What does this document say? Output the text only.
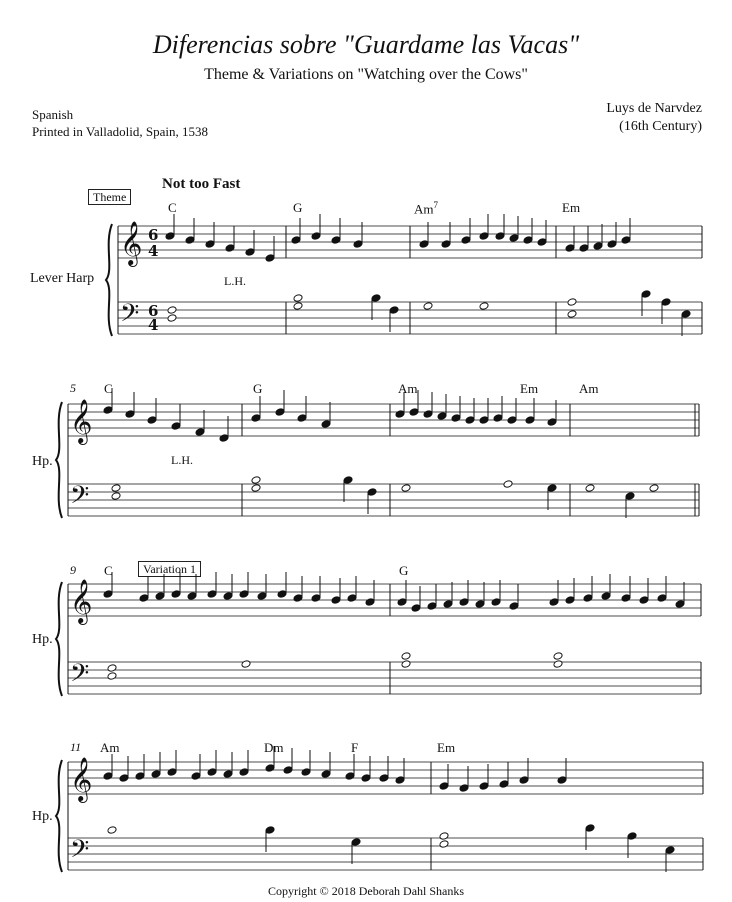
Diferencias sobre "Guardame las Vacas"
Theme & Variations on "Watching over the Cows"
Spanish
Printed in Valladolid, Spain, 1538
Luys de Narvdez
(16th Century)
Not too Fast
Theme
Variation 1
Lever Harp
Hp.
Hp.
Hp.
5
9
11
C	G	Am$^7$	Em
C	G	Am	Em	Am
C	G
Am	Dm	F	Em
L.H.
L.H.
Copyright © 2018 Deborah Dahl Shanks
𝄞
𝄢
𝄞
𝄢
𝄞
𝄢
𝄞
𝄢
6
4
6
4
